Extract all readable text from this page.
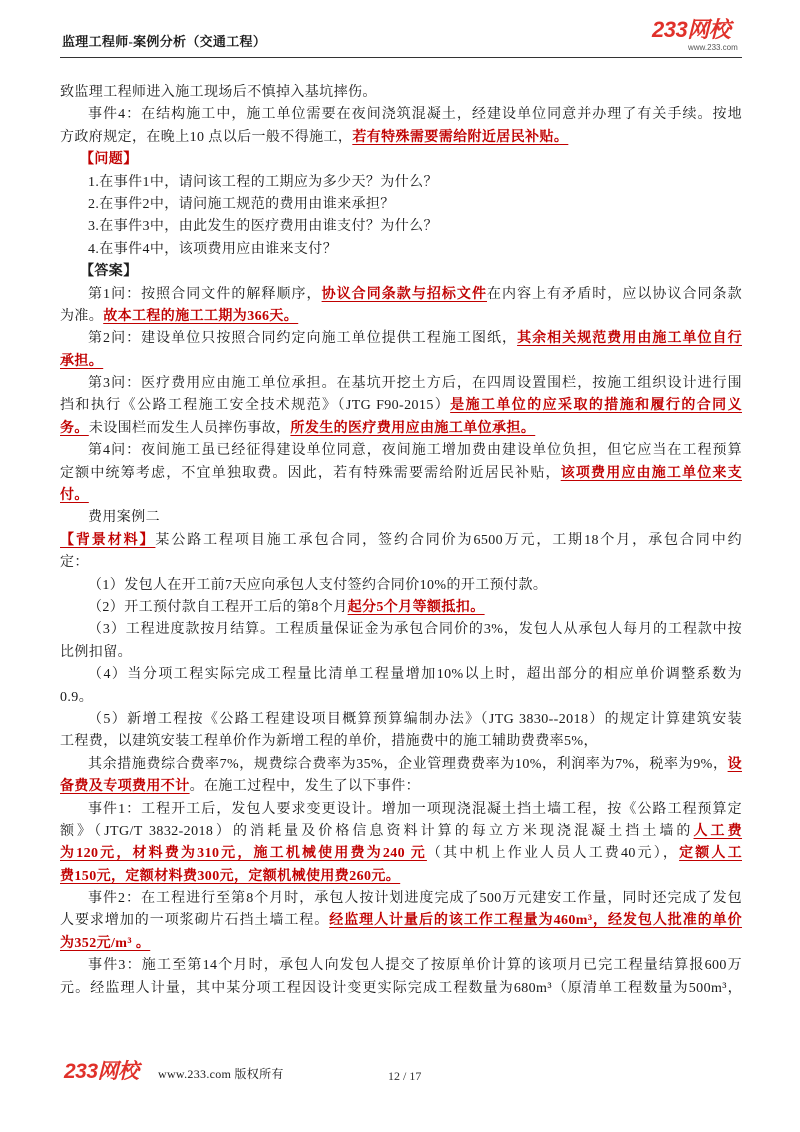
监理工程师-案例分析（交通工程）	233网校
www.233.com
致监理工程师进入施工现场后不慎掉入基坑摔伤。
事件4：在结构施工中，施工单位需要在夜间浇筑混凝土，经建设单位同意并办理了有关手续。按地
方政府规定，在晚上10 点以后一般不得施工，若有特殊需要需给附近居民补贴。
【问题】
1.在事件1中，请问该工程的工期应为多少天？为什么？
2.在事件2中，请问施工规范的费用由谁来承担？
3.在事件3中，由此发生的医疗费用由谁支付？为什么？
4.在事件4中，该项费用应由谁来支付？
【答案】
第1问：按照合同文件的解释顺序，协议合同条款与招标文件在内容上有矛盾时，应以协议合同条款
为准。故本工程的施工工期为366天。
第2问：建设单位只按照合同约定向施工单位提供工程施工图纸，其余相关规范费用由施工单位自行
承担。
第3问：医疗费用应由施工单位承担。在基坑开挖土方后，在四周设置围栏，按施工组织设计进行围
挡和执行《公路工程施工安全技术规范》（JTG F90-2015）是施工单位的应采取的措施和履行的合同义
务。未设围栏而发生人员摔伤事故，所发生的医疗费用应由施工单位承担。
第4问：夜间施工虽已经征得建设单位同意，夜间施工增加费由建设单位负担，但它应当在工程预算
定额中统筹考虑，不宜单独取费。因此，若有特殊需要需给附近居民补贴，该项费用应由施工单位来支
付。
费用案例二
【背景材料】某公路工程项目施工承包合同，签约合同价为6500万元，工期18个月，承包合同中约
定：
（1）发包人在开工前7天应向承包人支付签约合同价10%的开工预付款。
（2）开工预付款自工程开工后的第8个月起分5个月等额抵扣。
（3）工程进度款按月结算。工程质量保证金为承包合同价的3%，发包人从承包人每月的工程款中按
比例扣留。
（4）当分项工程实际完成工程量比清单工程量增加10%以上时，超出部分的相应单价调整系数为
0.9。
（5）新增工程按《公路工程建设项目概算预算编制办法》（JTG 3830--2018）的规定计算建筑安装
工程费，以建筑安装工程单价作为新增工程的单价，措施费中的施工辅助费费率5%，
其余措施费综合费率7%，规费综合费率为35%，企业管理费费率为10%，利润率为7%，税率为9%，设
备费及专项费用不计。在施工过程中，发生了以下事件：
事件1：工程开工后，发包人要求变更设计。增加一项现浇混凝土挡土墙工程，按《公路工程预算定
额》（JTG/T 3832-2018）的消耗量及价格信息资料计算的每立方米现浇混凝土挡土墙的人工费
为120元，材料费为310元，施工机械使用费为240 元（其中机上作业人员人工费40元），定额人工
费150元，定额材料费300元，定额机械使用费260元。
事件2：在工程进行至第8个月时，承包人按计划进度完成了500万元建安工作量，同时还完成了发包
人要求增加的一项浆砌片石挡土墙工程。经监理人计量后的该工作工程量为460m³，经发包人批准的单价
为352元/m³ 。
事件3：施工至第14个月时，承包人向发包人提交了按原单价计算的该项月已完工程量结算报600万
元。经监理人计量，其中某分项工程因设计变更实际完成工程数量为680m³（原清单工程数量为500m³，
233网校 www.233.com 版权所有	12 / 17
